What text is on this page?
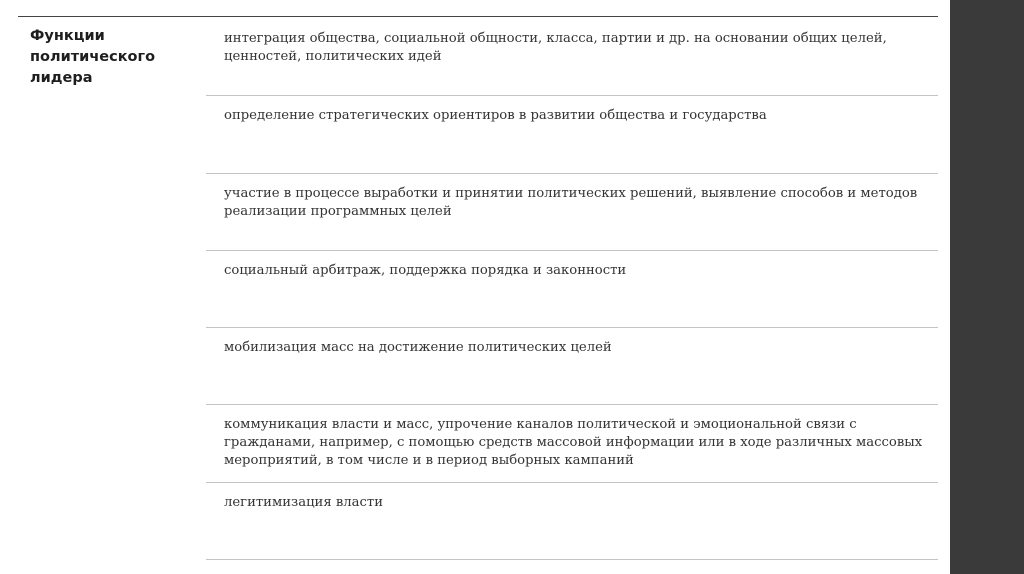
Функции
политического
лидера
интеграция общества, социальной общности, класса, партии и др. на основании общих целей, ценностей, политических идей
определение стратегических ориентиров в развитии общества и государства
участие в процессе выработки и принятии политических решений, выявление способов и методов реализации программных целей
социальный арбитраж, поддержка порядка и законности
мобилизация масс на достижение политических целей
коммуникация власти и масс, упрочение каналов политической и эмоциональной связи с гражданами, например, с помощью средств массовой информации или в ходе различных массовых мероприятий, в том числе и в период выборных кампаний
легитимизация власти
